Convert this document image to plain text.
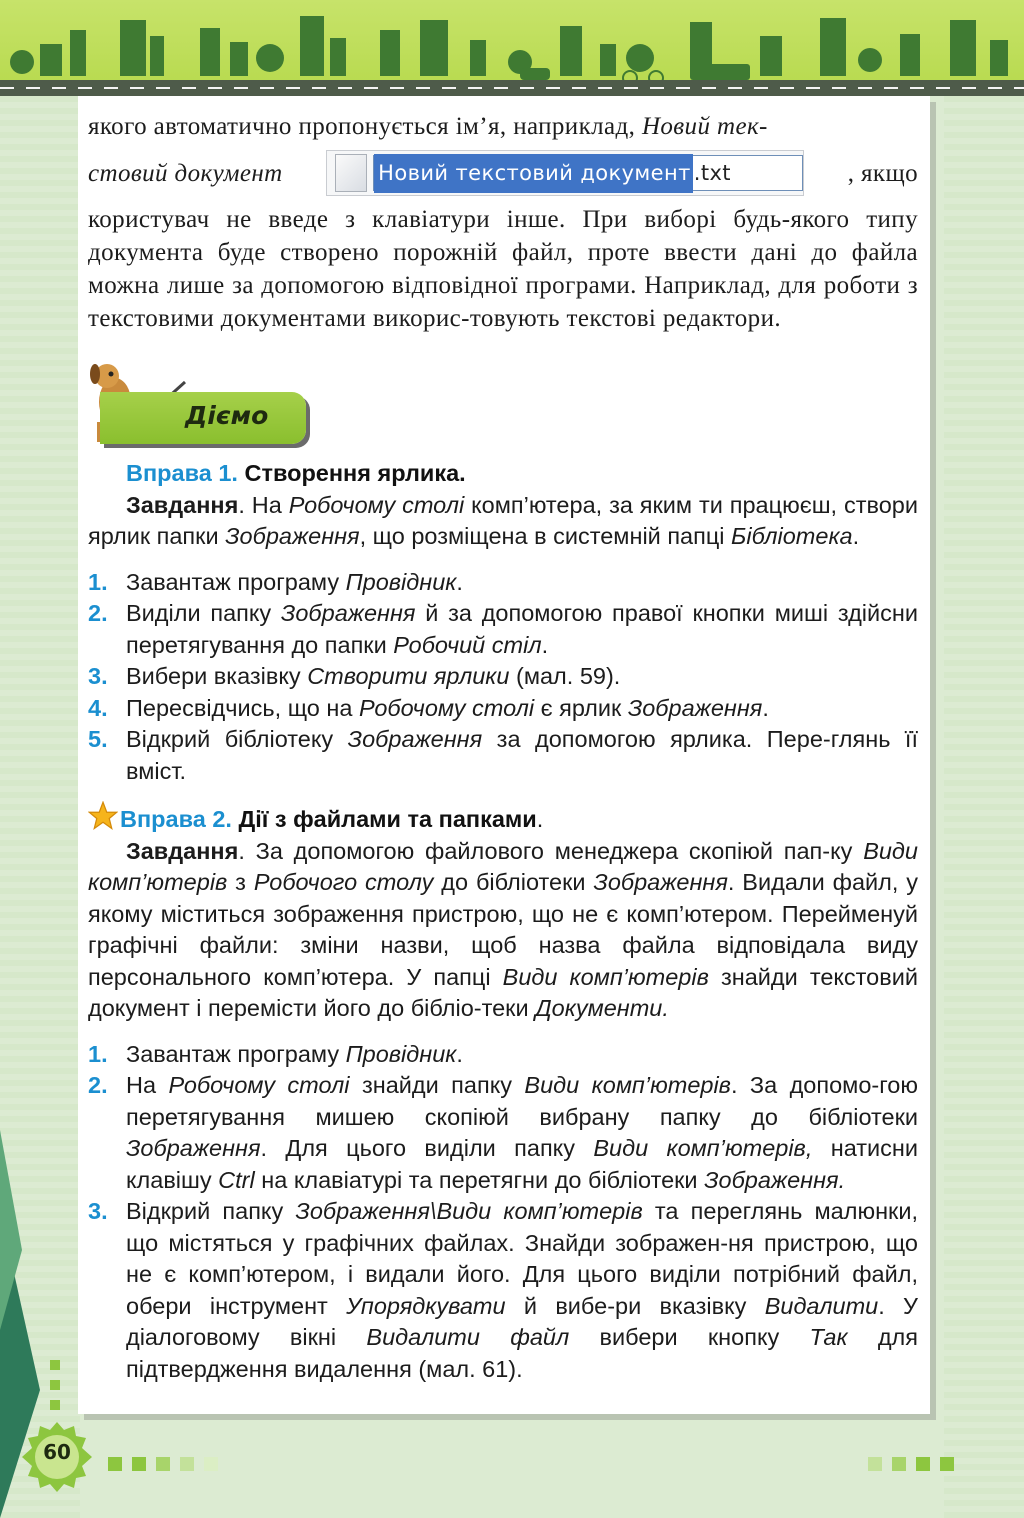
якого автоматично пропонується ім’я, наприклад, Новий тек-

стовий документ	Новий текстовий документ .txt	, якщо

користувач не введе з клавіатури інше. При виборі будь-якого типу документа буде створено порожній файл, проте ввести дані до файла можна лише за допомогою відповідної програми. Наприклад, для роботи з текстовими документами викорис-товують текстові редактори.

Діємо

Вправа 1. Створення ярлика.

Завдання. На Робочому столі комп’ютера, за яким ти працюєш, створи ярлик папки Зображення, що розміщена в системній папці Бібліотека.

1. Завантаж програму Провідник.
2. Виділи папку Зображення й за допомогою правої кнопки миші здійсни перетягування до папки Робочий стіл.
3. Вибери вказівку Створити ярлики (мал. 59).
4. Пересвідчись, що на Робочому столі є ярлик Зображення.
5. Відкрий бібліотеку Зображення за допомогою ярлика. Пере-глянь її вміст.

Вправа 2. Дії з файлами та папками.

Завдання. За допомогою файлового менеджера скопіюй пап-ку Види комп’ютерів з Робочого столу до бібліотеки Зображення. Видали файл, у якому міститься зображення пристрою, що не є комп’ютером. Перейменуй графічні файли: зміни назви, щоб назва файла відповідала виду персонального комп’ютера. У папці Види комп’ютерів знайди текстовий документ і перемісти його до бібліо-теки Документи.

1. Завантаж програму Провідник.
2. На Робочому столі знайди папку Види комп’ютерів. За допомо-гою перетягування мишею скопіюй вибрану папку до бібліотеки Зображення. Для цього виділи папку Види комп’ютерів, натисни клавішу Ctrl на клавіатурі та перетягни до бібліотеки Зображення.
3. Відкрий папку Зображення\Види комп’ютерів та переглянь малюнки, що містяться у графічних файлах. Знайди зображен-ня пристрою, що не є комп’ютером, і видали його. Для цього виділи потрібний файл, обери інструмент Упорядкувати й вибе-ри вказівку Видалити. У діалоговому вікні Видалити файл вибери кнопку Так для підтвердження видалення (мал. 61).
60
